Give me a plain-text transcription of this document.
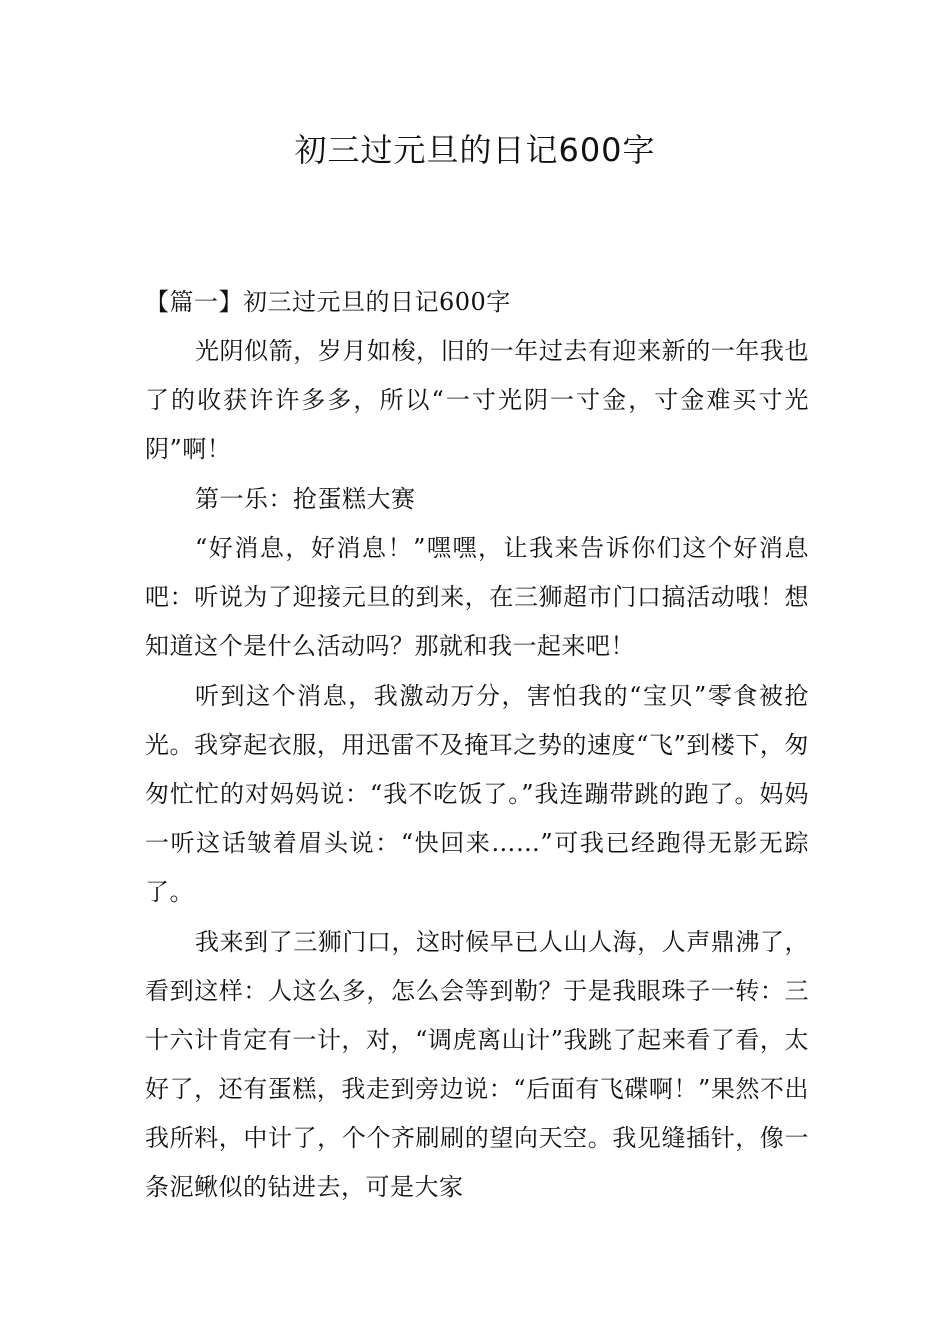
初三过元旦的日记600字

【篇一】初三过元旦的日记600字

光阴似箭，岁月如梭，旧的一年过去有迎来新的一年我也了的收获许许多多，所以“一寸光阴一寸金，寸金难买寸光阴”啊！

第一乐：抢蛋糕大赛

“好消息，好消息！”嘿嘿，让我来告诉你们这个好消息吧：听说为了迎接元旦的到来，在三狮超市门口搞活动哦！想知道这个是什么活动吗？那就和我一起来吧！

听到这个消息，我激动万分，害怕我的“宝贝”零食被抢光。我穿起衣服，用迅雷不及掩耳之势的速度“飞”到楼下，匆匆忙忙的对妈妈说：“我不吃饭了。”我连蹦带跳的跑了。妈妈一听这话皱着眉头说：“快回来……”可我已经跑得无影无踪了。

我来到了三狮门口，这时候早已人山人海，人声鼎沸了，看到这样：人这么多，怎么会等到勒？于是我眼珠子一转：三十六计肯定有一计，对，“调虎离山计”我跳了起来看了看，太好了，还有蛋糕，我走到旁边说：“后面有飞碟啊！”果然不出我所料，中计了，个个齐刷刷的望向天空。我见缝插针，像一条泥鳅似的钻进去，可是大家
